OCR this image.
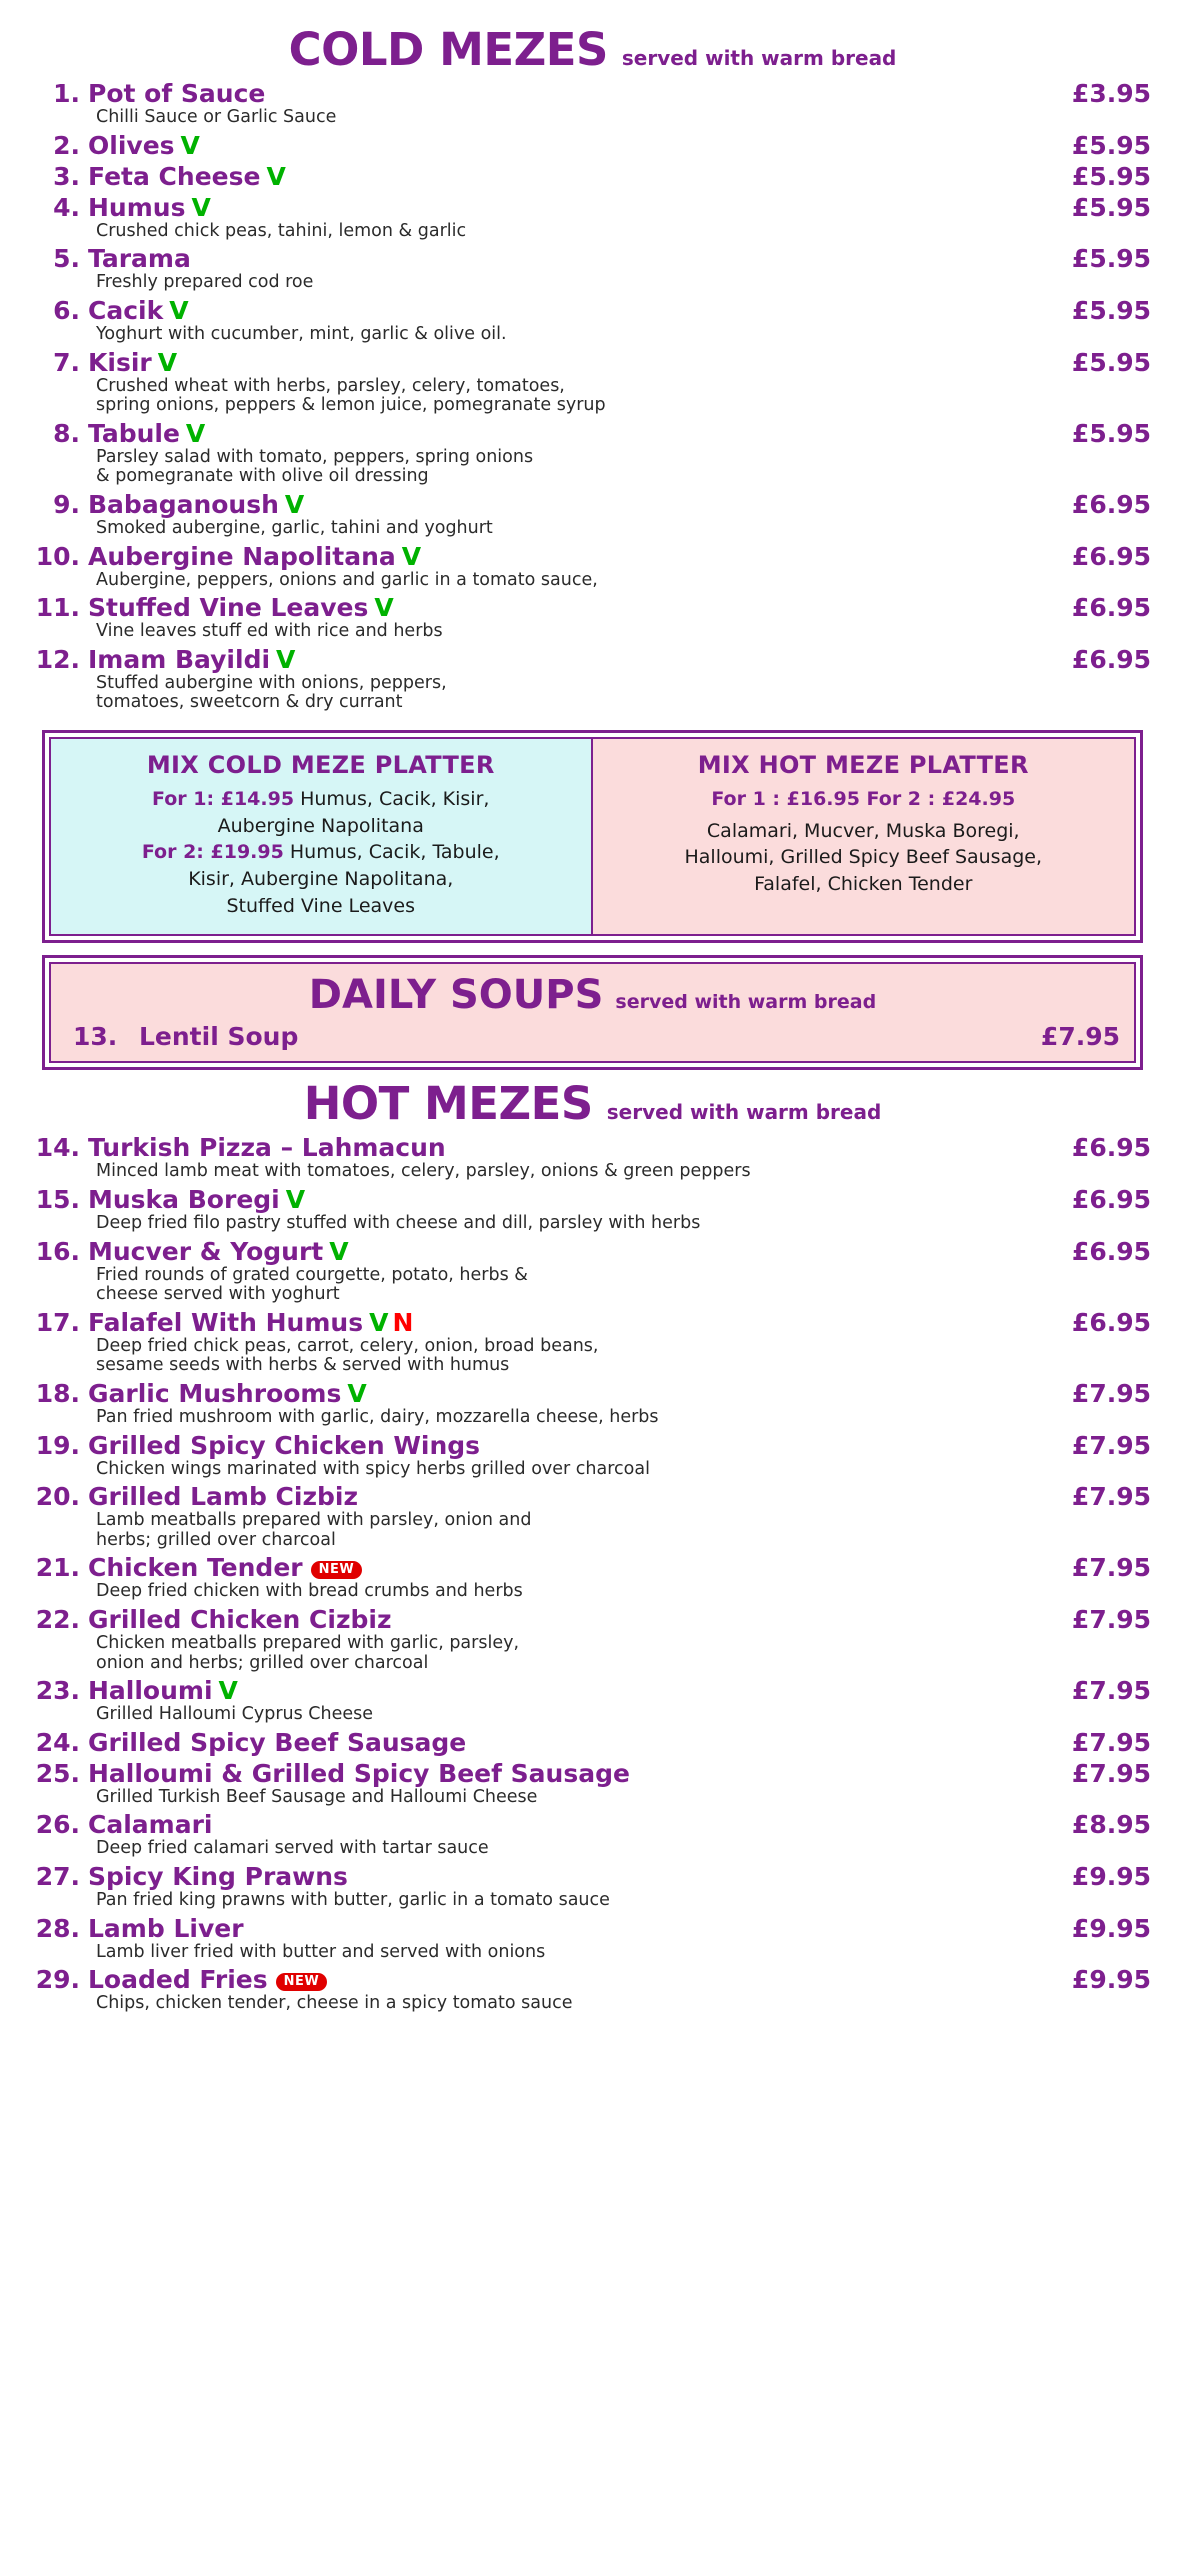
COLD MEZES served with warm bread
1. Pot of Sauce	£3.95
Chilli Sauce or Garlic Sauce
2. Olives V	£5.95
3. Feta Cheese V	£5.95
4. Humus V	£5.95
Crushed chick peas, tahini, lemon & garlic
5. Tarama	£5.95
Freshly prepared cod roe
6. Cacik V	£5.95
Yoghurt with cucumber, mint, garlic & olive oil.
7. Kisir V	£5.95
Crushed wheat with herbs, parsley, celery, tomatoes,
spring onions, peppers & lemon juice, pomegranate syrup
8. Tabule V	£5.95
Parsley salad with tomato, peppers, spring onions
& pomegranate with olive oil dressing
9. Babaganoush V	£6.95
Smoked aubergine, garlic, tahini and yoghurt
10. Aubergine Napolitana V	£6.95
Aubergine, peppers, onions and garlic in a tomato sauce,
11. Stuffed Vine Leaves V	£6.95
Vine leaves stuff ed with rice and herbs
12. Imam Bayildi V	£6.95
Stuffed aubergine with onions, peppers,
tomatoes, sweetcorn & dry currant
MIX COLD MEZE PLATTER
For 1: £14.95 Humus, Cacik, Kisir,
Aubergine Napolitana
For 2: £19.95 Humus, Cacik, Tabule,
Kisir, Aubergine Napolitana,
Stuffed Vine Leaves
MIX HOT MEZE PLATTER
For 1 : £16.95 For 2 : £24.95
Calamari, Mucver, Muska Boregi,
Halloumi, Grilled Spicy Beef Sausage,
Falafel, Chicken Tender
DAILY SOUPS served with warm bread
13. Lentil Soup	£7.95
HOT MEZES served with warm bread
14. Turkish Pizza – Lahmacun	£6.95
Minced lamb meat with tomatoes, celery, parsley, onions & green peppers
15. Muska Boregi V	£6.95
Deep fried filo pastry stuffed with cheese and dill, parsley with herbs
16. Mucver & Yogurt V	£6.95
Fried rounds of grated courgette, potato, herbs &
cheese served with yoghurt
17. Falafel With Humus V N	£6.95
Deep fried chick peas, carrot, celery, onion, broad beans,
sesame seeds with herbs & served with humus
18. Garlic Mushrooms V	£7.95
Pan fried mushroom with garlic, dairy, mozzarella cheese, herbs
19. Grilled Spicy Chicken Wings	£7.95
Chicken wings marinated with spicy herbs grilled over charcoal
20. Grilled Lamb Cizbiz	£7.95
Lamb meatballs prepared with parsley, onion and
herbs; grilled over charcoal
21. Chicken Tender NEW	£7.95
Deep fried chicken with bread crumbs and herbs
22. Grilled Chicken Cizbiz	£7.95
Chicken meatballs prepared with garlic, parsley,
onion and herbs; grilled over charcoal
23. Halloumi V	£7.95
Grilled Halloumi Cyprus Cheese
24. Grilled Spicy Beef Sausage	£7.95
25. Halloumi & Grilled Spicy Beef Sausage	£7.95
Grilled Turkish Beef Sausage and Halloumi Cheese
26. Calamari	£8.95
Deep fried calamari served with tartar sauce
27. Spicy King Prawns	£9.95
Pan fried king prawns with butter, garlic in a tomato sauce
28. Lamb Liver	£9.95
Lamb liver fried with butter and served with onions
29. Loaded Fries NEW	£9.95
Chips, chicken tender, cheese in a spicy tomato sauce
